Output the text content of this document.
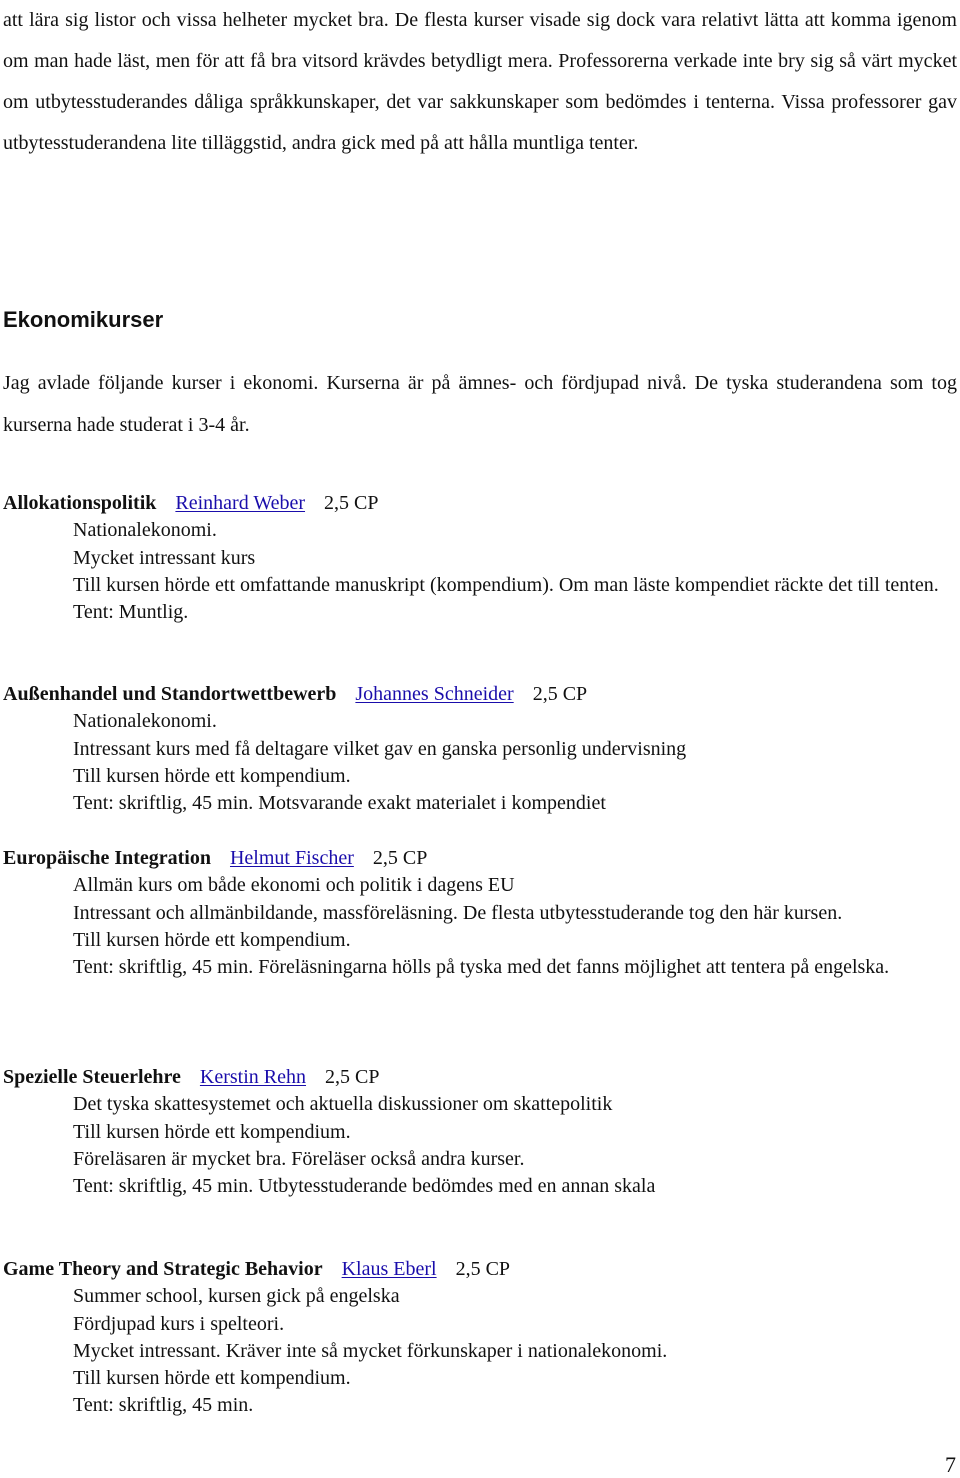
att lära sig listor och vissa helheter mycket bra. De flesta kurser visade sig dock vara relativt lätta att komma igenom om man hade läst, men för att få bra vitsord krävdes betydligt mera. Professorerna verkade inte bry sig så värt mycket om utbytesstuderandes dåliga språkkunskaper, det var sakkunskaper som bedömdes i tenterna. Vissa professorer gav utbytesstuderandena lite tilläggstid, andra gick med på att hålla muntliga tenter.

Ekonomikurser

Jag avlade följande kurser i ekonomi. Kurserna är på ämnes- och fördjupad nivå. De tyska studerandena som tog kurserna hade studerat i 3-4 år.

Allokationspolitik Reinhard Weber 2,5 CP

Nationalekonomi.
Mycket intressant kurs
Till kursen hörde ett omfattande manuskript (kompendium). Om man läste kompendiet räckte det till tenten.
Tent: Muntlig.

Außenhandel und Standortwettbewerb Johannes Schneider 2,5 CP

Nationalekonomi.
Intressant kurs med få deltagare vilket gav en ganska personlig undervisning
Till kursen hörde ett kompendium.
Tent: skriftlig, 45 min. Motsvarande exakt materialet i kompendiet

Europäische Integration Helmut Fischer 2,5 CP

Allmän kurs om både ekonomi och politik i dagens EU
Intressant och allmänbildande, massföreläsning. De flesta utbytesstuderande tog den här kursen.
Till kursen hörde ett kompendium.
Tent: skriftlig, 45 min. Föreläsningarna hölls på tyska med det fanns möjlighet att tentera på engelska.

Spezielle Steuerlehre Kerstin Rehn 2,5 CP

Det tyska skattesystemet och aktuella diskussioner om skattepolitik
Till kursen hörde ett kompendium.
Föreläsaren är mycket bra. Föreläser också andra kurser.
Tent: skriftlig, 45 min. Utbytesstuderande bedömdes med en annan skala

Game Theory and Strategic Behavior Klaus Eberl 2,5 CP

Summer school, kursen gick på engelska
Fördjupad kurs i spelteori.
Mycket intressant. Kräver inte så mycket förkunskaper i nationalekonomi.
Till kursen hörde ett kompendium.
Tent: skriftlig, 45 min.
7
